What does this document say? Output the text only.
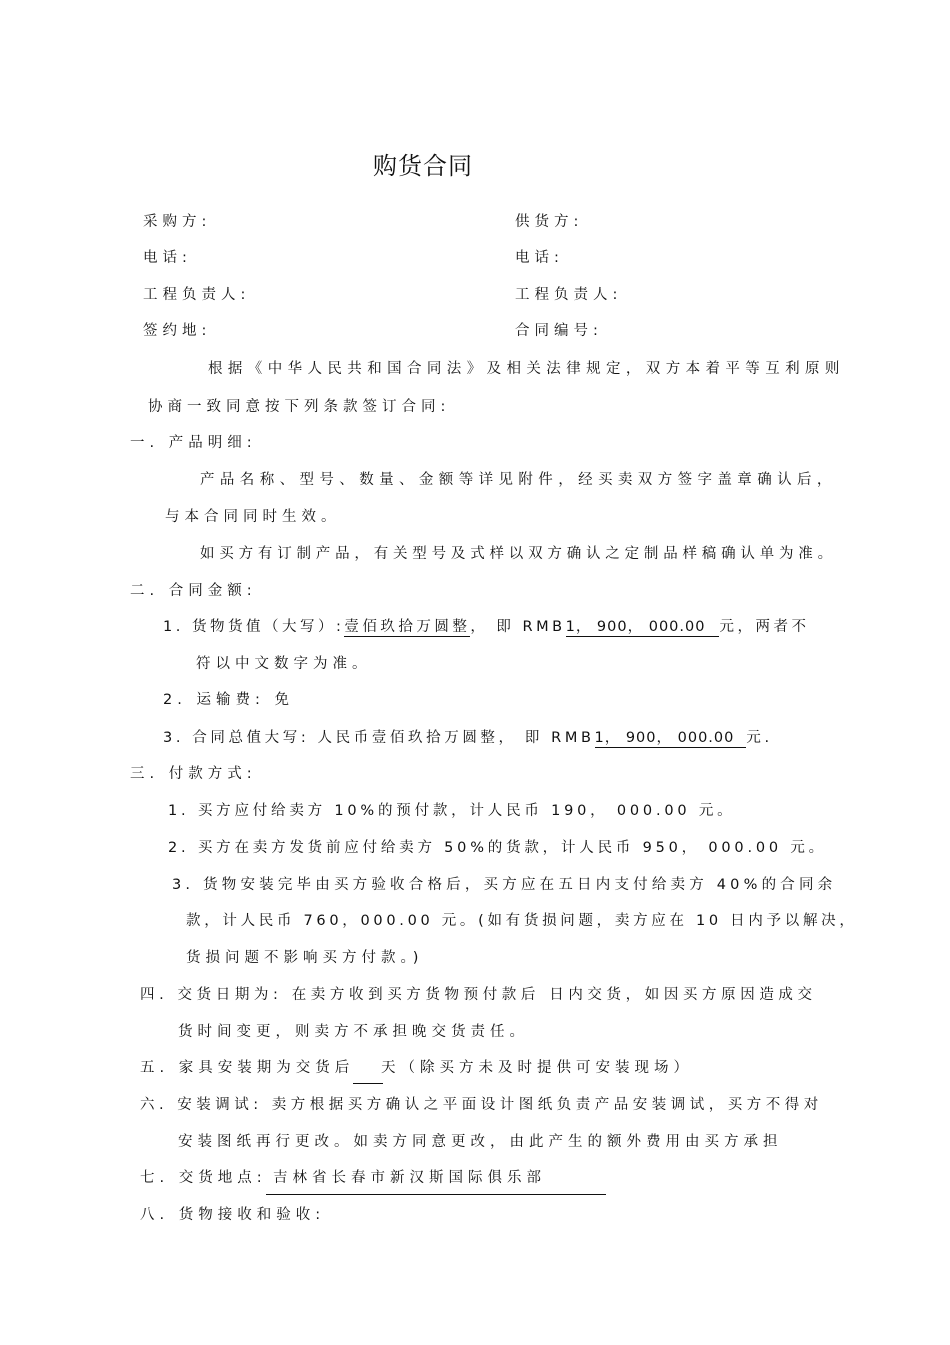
购货合同
采购方:	供货方:
电话:	电话:
工程负责人:	工程负责人:
签约地:	合同编号:
根据《中华人民共和国合同法》及相关法律规定，双方本着平等互利原则
协商一致同意按下列条款签订合同:
一. 产品明细:
产品名称、型号、数量、金额等详见附件，经买卖双方签字盖章确认后，
与本合同同时生效。
如买方有订制产品，有关型号及式样以双方确认之定制品样稿确认单为准。
二. 合同金额:
1. 货物货值（大写）:壹佰玖拾万圆整， 即 RMB1， 900， 000.00 元，两者不
符以中文数字为准。
2. 运输费: 免
3. 合同总值大写: 人民币壹佰玖拾万圆整， 即 RMB1， 900， 000.00 元.
三. 付款方式:
1. 买方应付给卖方 10%的预付款，计人民币 190， 000.00 元。
2. 买方在卖方发货前应付给卖方 50%的货款，计人民币 950， 000.00 元。
3. 货物安装完毕由买方验收合格后，买方应在五日内支付给卖方 40%的合同余
款，计人民币 760，000.00 元。(如有货损问题，卖方应在 10 日内予以解决，
货损问题不影响买方付款。)
四. 交货日期为: 在卖方收到买方货物预付款后 日内交货，如因买方原因造成交
货时间变更，则卖方不承担晚交货责任。
五. 家具安装期为交货后 天（除买方未及时提供可安装现场）
六. 安装调试: 卖方根据买方确认之平面设计图纸负责产品安装调试，买方不得对
安装图纸再行更改。如卖方同意更改，由此产生的额外费用由买方承担
七. 交货地点: 吉林省长春市新汉斯国际俱乐部
八. 货物接收和验收:
